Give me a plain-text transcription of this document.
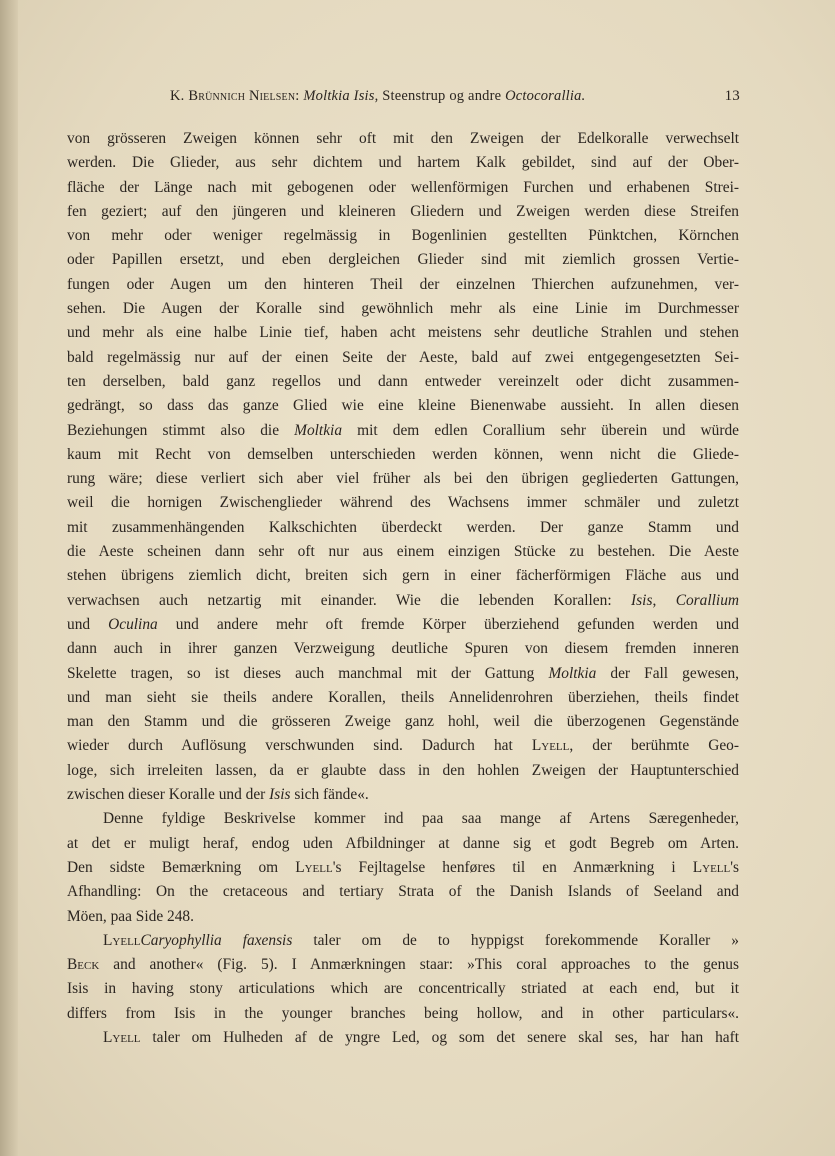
K. Brünnich Nielsen: Moltkia Isis, Steenstrup og andre Octocorallia.	13
von grösseren Zweigen können sehr oft mit den Zweigen der Edelkoralle verwechselt
werden. Die Glieder, aus sehr dichtem und hartem Kalk gebildet, sind auf der Ober-
fläche der Länge nach mit gebogenen oder wellenförmigen Furchen und erhabenen Strei-
fen geziert; auf den jüngeren und kleineren Gliedern und Zweigen werden diese Streifen
von mehr oder weniger regelmässig in Bogenlinien gestellten Pünktchen, Körnchen
oder Papillen ersetzt, und eben dergleichen Glieder sind mit ziemlich grossen Vertie-
fungen oder Augen um den hinteren Theil der einzelnen Thierchen aufzunehmen, ver-
sehen. Die Augen der Koralle sind gewöhnlich mehr als eine Linie im Durchmesser
und mehr als eine halbe Linie tief, haben acht meistens sehr deutliche Strahlen und stehen
bald regelmässig nur auf der einen Seite der Aeste, bald auf zwei entgegengesetzten Sei-
ten derselben, bald ganz regellos und dann entweder vereinzelt oder dicht zusammen-
gedrängt, so dass das ganze Glied wie eine kleine Bienenwabe aussieht. In allen diesen
Beziehungen stimmt also die Moltkia mit dem edlen Corallium sehr überein und würde
kaum mit Recht von demselben unterschieden werden können, wenn nicht die Gliede-
rung wäre; diese verliert sich aber viel früher als bei den übrigen gegliederten Gattungen,
weil die hornigen Zwischenglieder während des Wachsens immer schmäler und zuletzt
mit zusammenhängenden Kalkschichten überdeckt werden. Der ganze Stamm und
die Aeste scheinen dann sehr oft nur aus einem einzigen Stücke zu bestehen. Die Aeste
stehen übrigens ziemlich dicht, breiten sich gern in einer fächerförmigen Fläche aus und
verwachsen auch netzartig mit einander. Wie die lebenden Korallen: Isis, Corallium
und Oculina und andere mehr oft fremde Körper überziehend gefunden werden und
dann auch in ihrer ganzen Verzweigung deutliche Spuren von diesem fremden inneren
Skelette tragen, so ist dieses auch manchmal mit der Gattung Moltkia der Fall gewesen,
und man sieht sie theils andere Korallen, theils Annelidenrohren überziehen, theils findet
man den Stamm und die grösseren Zweige ganz hohl, weil die überzogenen Gegenstände
wieder durch Auflösung verschwunden sind. Dadurch hat Lyell, der berühmte Geo-
loge, sich irreleiten lassen, da er glaubte dass in den hohlen Zweigen der Hauptunterschied
zwischen dieser Koralle und der Isis sich fände«.
Denne fyldige Beskrivelse kommer ind paa saa mange af Artens Særegenheder,
at det er muligt heraf, endog uden Afbildninger at danne sig et godt Begreb om Arten.
Den sidste Bemærkning om Lyell's Fejltagelse henføres til en Anmærkning i Lyell's
Afhandling: On the cretaceous and tertiary Strata of the Danish Islands of Seeland and
Möen, paa Side 248.
LyellCaryophyllia faxensis taler om de to hyppigst forekommende Koraller »
Beck and another« (Fig. 5). I Anmærkningen staar: »This coral approaches to the genus
Isis in having stony articulations which are concentrically striated at each end, but it
differs from Isis in the younger branches being hollow, and in other particulars«.
Lyell taler om Hulheden af de yngre Led, og som det senere skal ses, har han haft
